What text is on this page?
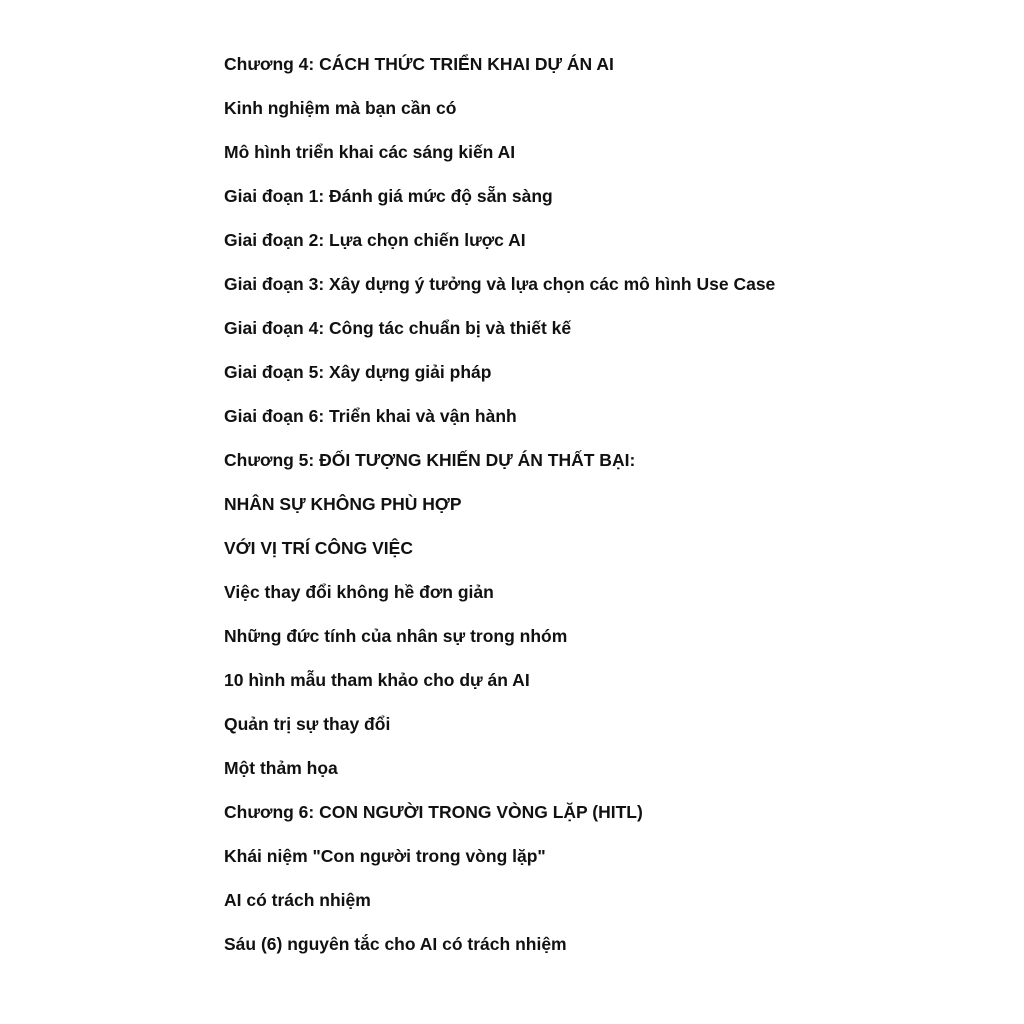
Chương 4: CÁCH THỨC TRIỂN KHAI DỰ ÁN AI
Kinh nghiệm mà bạn cần có
Mô hình triển khai các sáng kiến AI
Giai đoạn 1: Đánh giá mức độ sẵn sàng
Giai đoạn 2: Lựa chọn chiến lược AI
Giai đoạn 3: Xây dựng ý tưởng và lựa chọn các mô hình Use Case
Giai đoạn 4: Công tác chuẩn bị và thiết kế
Giai đoạn 5: Xây dựng giải pháp
Giai đoạn 6: Triển khai và vận hành
Chương 5: ĐỐI TƯỢNG KHIẾN DỰ ÁN THẤT BẠI:
NHÂN SỰ KHÔNG PHÙ HỢP
VỚI VỊ TRÍ CÔNG VIỆC
Việc thay đổi không hề đơn giản
Những đức tính của nhân sự trong nhóm
10 hình mẫu tham khảo cho dự án AI
Quản trị sự thay đổi
Một thảm họa
Chương 6: CON NGƯỜI TRONG VÒNG LẶP (HITL)
Khái niệm "Con người trong vòng lặp"
AI có trách nhiệm
Sáu (6) nguyên tắc cho AI có trách nhiệm
